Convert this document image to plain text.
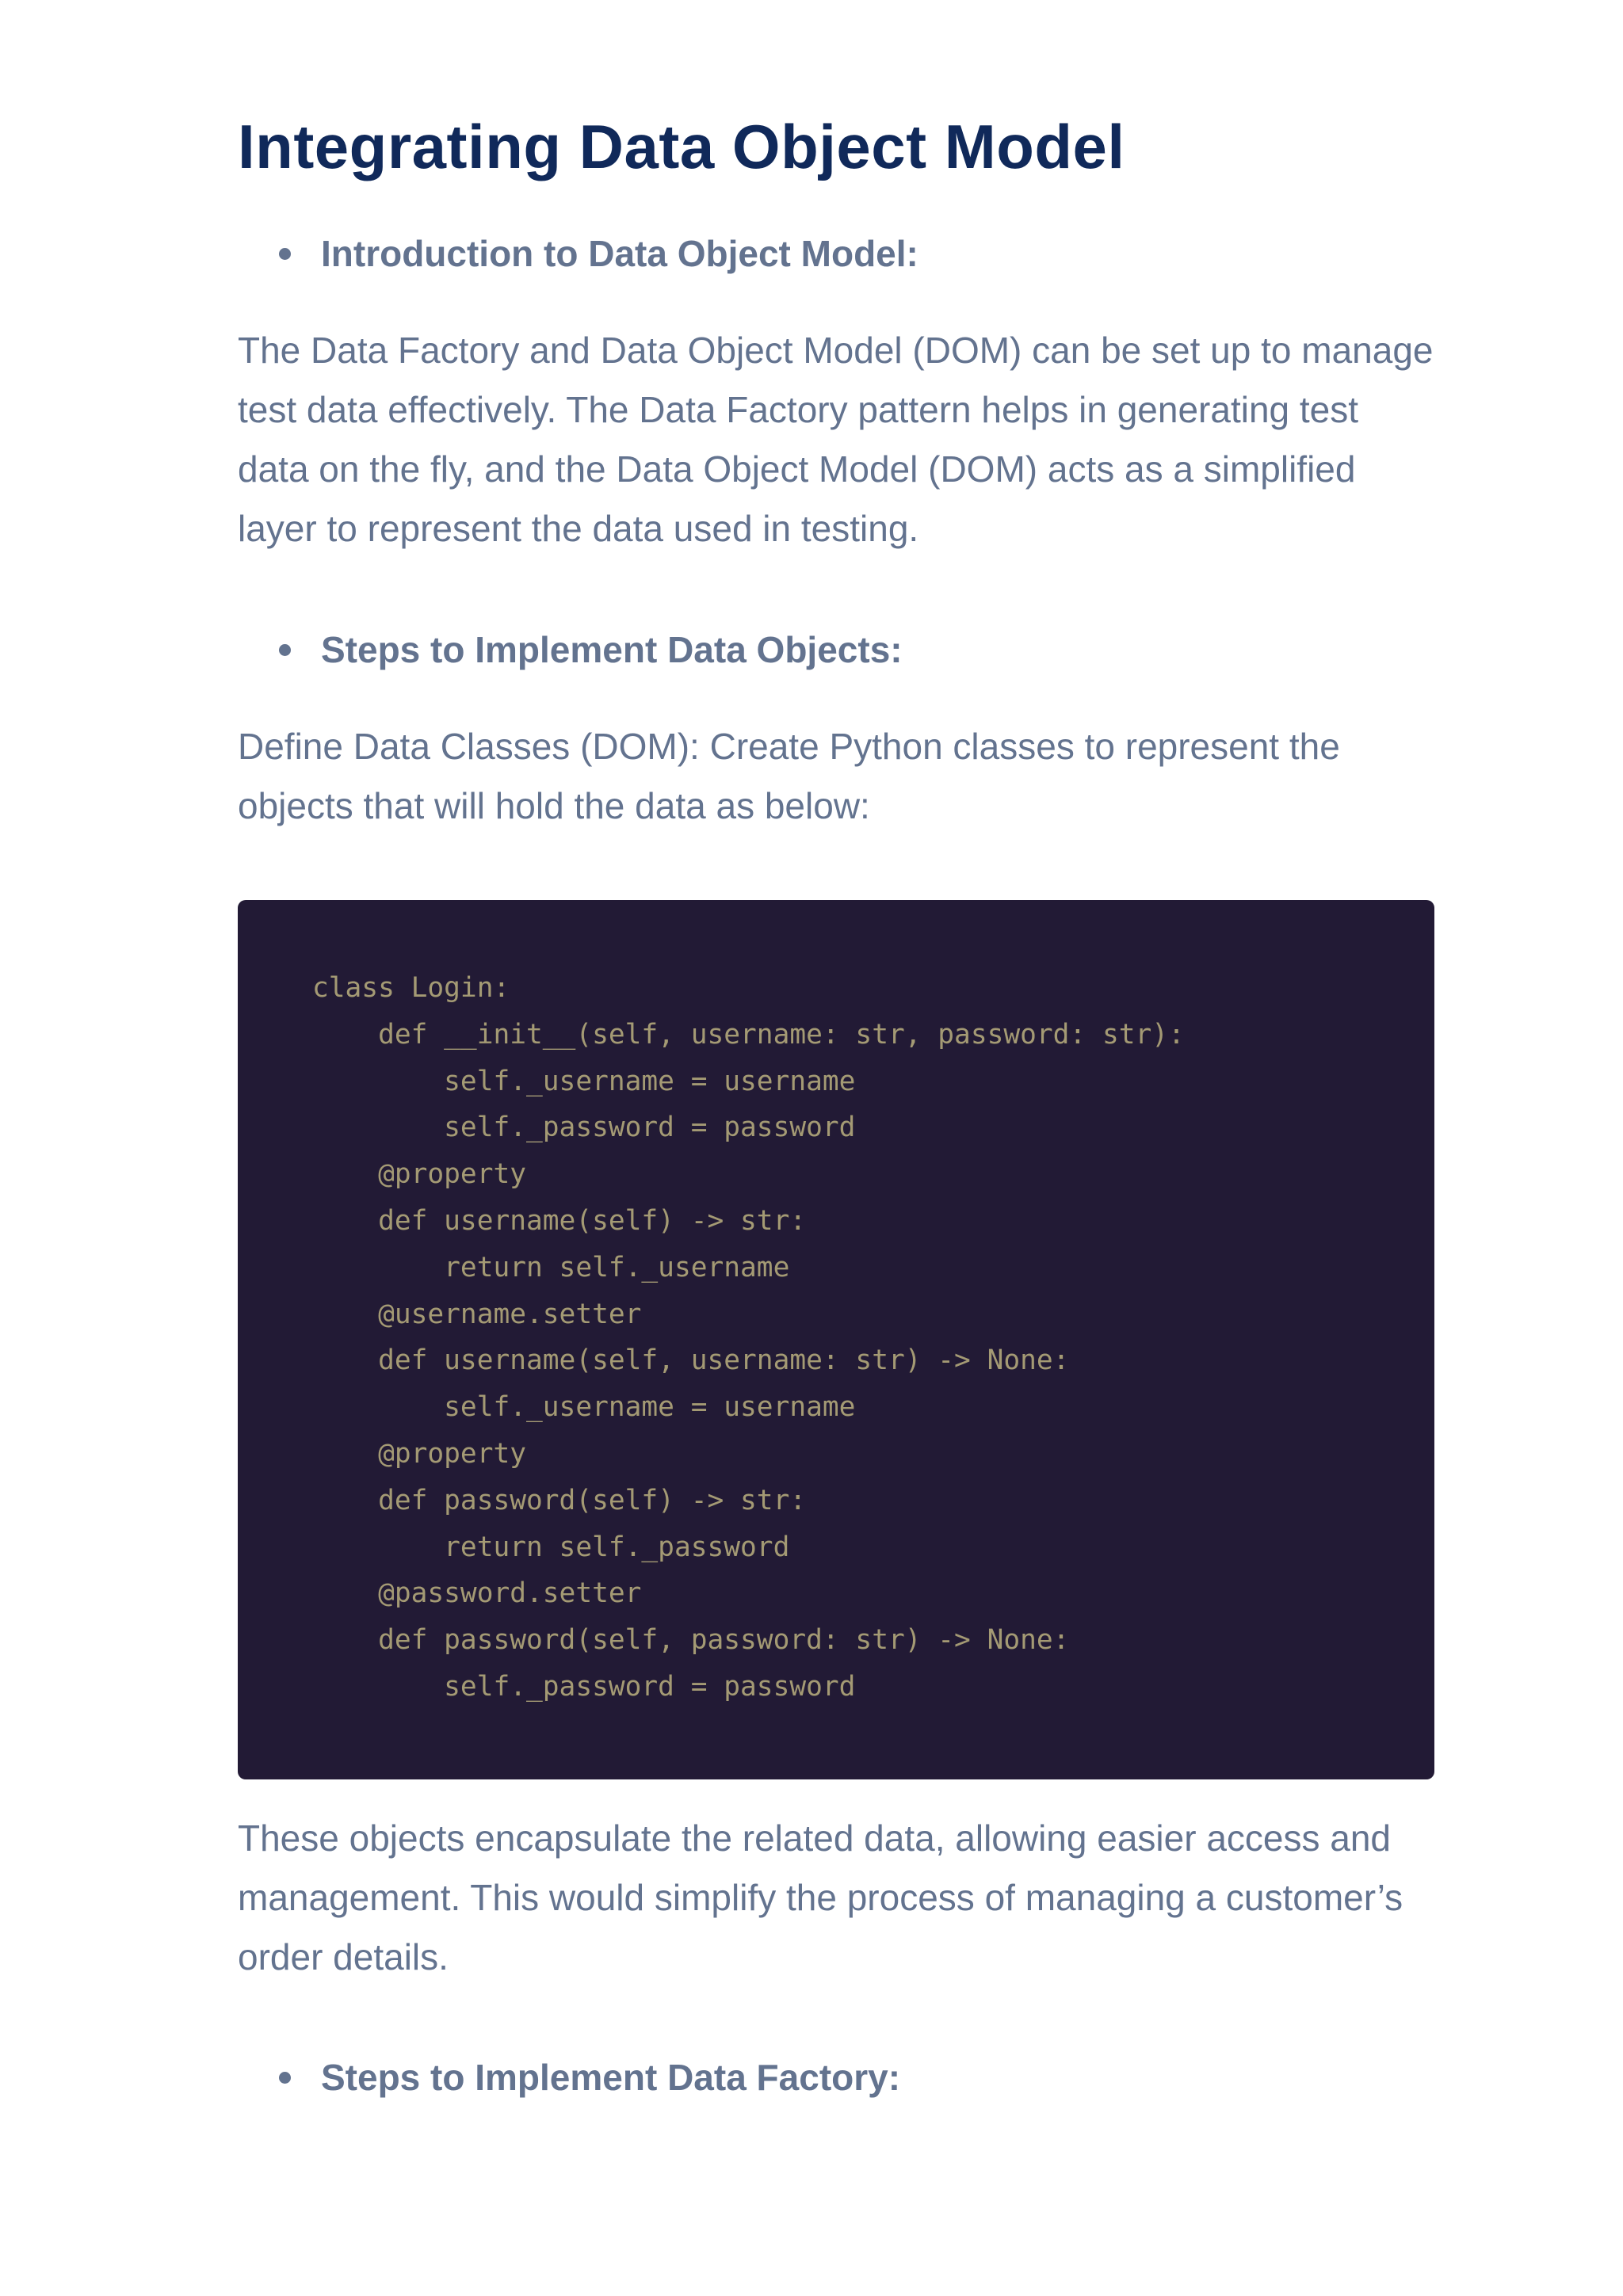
Integrating Data Object Model
Introduction to Data Object Model:

The Data Factory and Data Object Model (DOM) can be set up to manage test data effectively. The Data Factory pattern helps in generating test data on the fly, and the Data Object Model (DOM) acts as a simplified layer to represent the data used in testing.

Steps to Implement Data Objects:

Define Data Classes (DOM): Create Python classes to represent the objects that will hold the data as below:

class Login:
def __init__(self, username: str, password: str):
self._username = username
self._password = password
@property
def username(self) -> str:
return self._username
@username.setter
def username(self, username: str) -> None:
self._username = username
@property
def password(self) -> str:
return self._password
@password.setter
def password(self, password: str) -> None:
self._password = password

These objects encapsulate the related data, allowing easier access and management. This would simplify the process of managing a customer’s order details.

Steps to Implement Data Factory:
